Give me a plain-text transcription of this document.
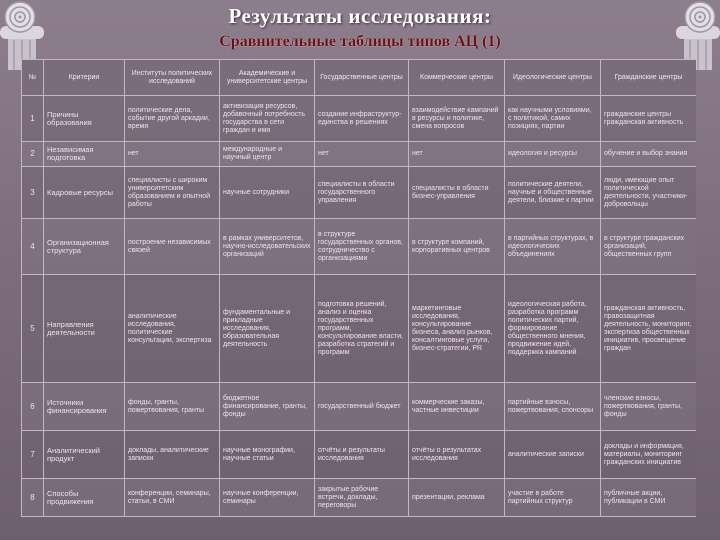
Результаты исследования:
Сравнительные таблицы типов АЦ (1)
№	Критерии	Институты политических исследований	Академические и университетские центры	Государственные центры	Коммерческие центры	Идеологические центры	Гражданские центры
1	Причины образования	политические дела, событие другой аркадии, время	активизация ресурсов, добавочный потребность государства в сети граждан и имя	создание инфраструктур-единства в решениях	взаимодействие кампаний в ресурсы и политике, смена вопросов	как научными условиями, с политикой, самих позициях, партии	гражданские центры гражданская активность
2	Независимая подготовка	нет	международные и научный центр	нет	нет	идеология и ресурсы	обучение и выбор знания
3	Кадровые ресурсы	специалисты с широким университетским образованием и опытной работы	научные сотрудники	специалисты в области государственного управления	специалисты в области бизнес-управления	политические деятели, научные и общественные деятели, близкие к партии	люди, имеющие опыт политической деятельности, участники-добровольцы
4	Организационная структура	построение независимых связей	в рамках университетов, научно-исследовательских организаций	в структуре государственных органов, сотрудничество с организациями	в структуре компаний, корпоративных центров	в партийных структурах, в идеологических объединениях	в структуре гражданских организаций, общественных групп
5	Направления деятельности	аналитические исследования, политические консультации, экспертиза	фундаментальные и прикладные исследования, образовательная деятельность	подготовка решений, анализ и оценка государственных программ, консультирование власти, разработка стратегий и программ	маркетинговые исследования, консультирование бизнеса, анализ рынков, консалтинговые услуги, бизнес-стратегии, PR	идеологическая работа, разработка программ политических партий, формирование общественного мнения, продвижение идей, поддержка кампаний	гражданская активность, правозащитная деятельность, мониторинг, экспертиза общественных инициатив, просвещение граждан
6	Источники финансирования	фонды, гранты, пожертвования, гранты	бюджетное финансирование, гранты, фонды	государственный бюджет	коммерческие заказы, частные инвестиции	партийные взносы, пожертвования, спонсоры	членские взносы, пожертвования, гранты, фонды
7	Аналитический продукт	доклады, аналитические записки	научные монографии, научные статьи	отчёты и результаты исследования	отчёты о результатах исследования	аналитические записки	доклады и информация, материалы, мониторинг гражданских инициатив
8	Способы продвижения	конференции, семинары, статьи, в СМИ	научные конференции, семинары	закрытые рабочие встречи, доклады, переговоры	презентации, реклама	участие в работе партийных структур	публичные акции, публикации в СМИ
